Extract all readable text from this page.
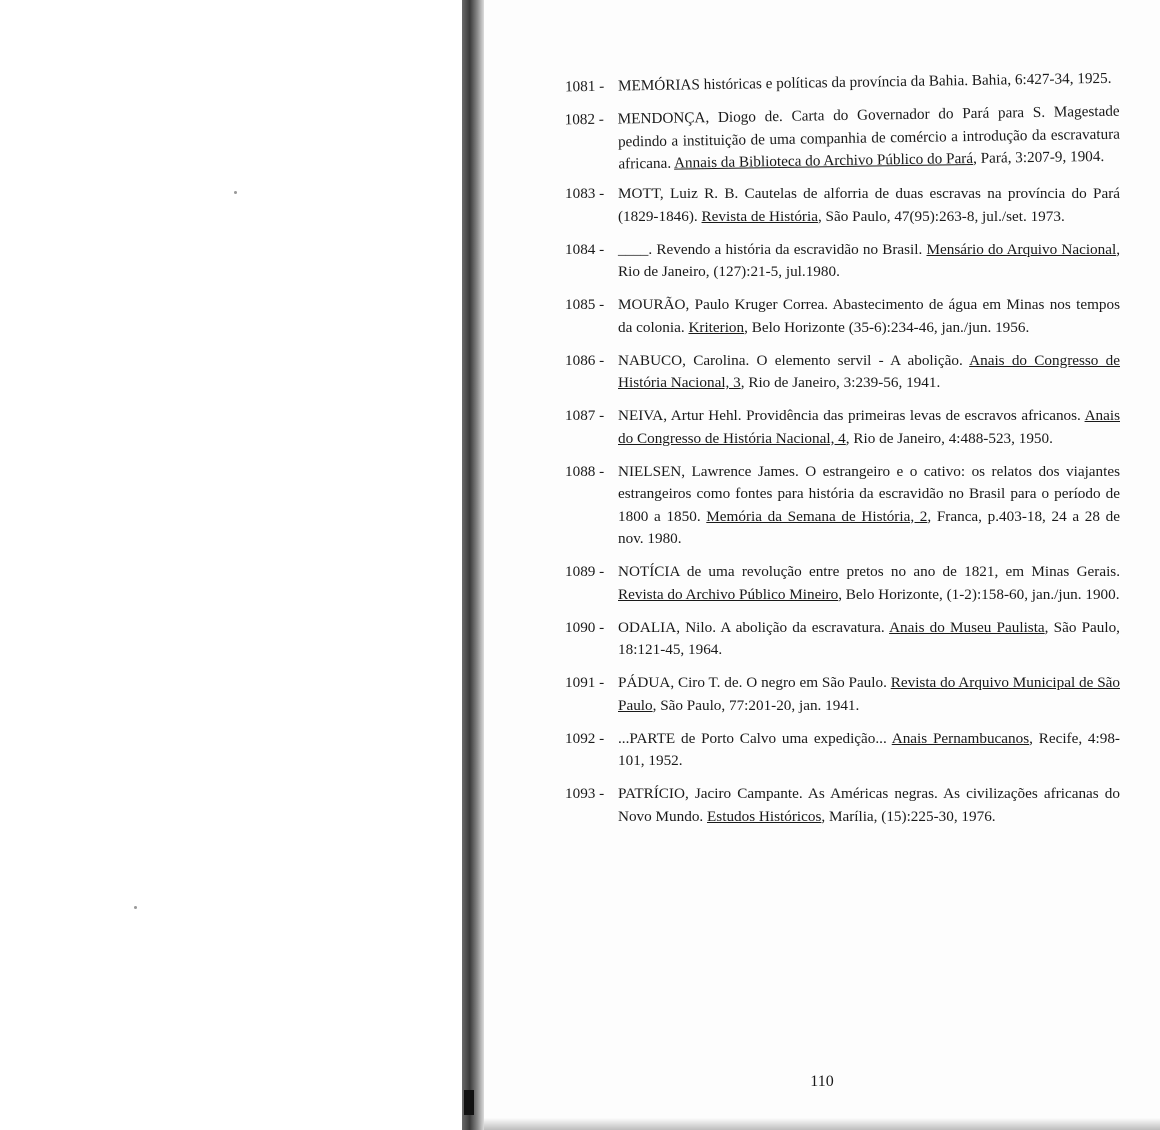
1081 - MEMÓRIAS históricas e políticas da província da Bahia. Bahia, 6:427-34, 1925.
1082 - MENDONÇA, Diogo de. Carta do Governador do Pará para S. Magestade pedindo a instituição de uma companhia de comércio a introdução da escravatura africana. Annais da Biblioteca do Archivo Público do Pará, Pará, 3:207-9, 1904.
1083 - MOTT, Luiz R. B. Cautelas de alforria de duas escravas na província do Pará (1829-1846). Revista de História, São Paulo, 47(95):263-8, jul./set. 1973.
1084 - ____. Revendo a história da escravidão no Brasil. Mensário do Arquivo Nacional, Rio de Janeiro, (127):21-5, jul.1980.
1085 - MOURÃO, Paulo Kruger Correa. Abastecimento de água em Minas nos tempos da colonia. Kriterion, Belo Horizonte (35-6):234-46, jan./jun. 1956.
1086 - NABUCO, Carolina. O elemento servil - A abolição. Anais do Congresso de História Nacional, 3, Rio de Janeiro, 3:239-56, 1941.
1087 - NEIVA, Artur Hehl. Providência das primeiras levas de escravos africanos. Anais do Congresso de História Nacional, 4, Rio de Janeiro, 4:488-523, 1950.
1088 - NIELSEN, Lawrence James. O estrangeiro e o cativo: os relatos dos viajantes estrangeiros como fontes para história da escravidão no Brasil para o período de 1800 a 1850. Memória da Semana de História, 2, Franca, p.403-18, 24 a 28 de nov. 1980.
1089 - NOTÍCIA de uma revolução entre pretos no ano de 1821, em Minas Gerais. Revista do Archivo Público Mineiro, Belo Horizonte, (1-2):158-60, jan./jun. 1900.
1090 - ODALIA, Nilo. A abolição da escravatura. Anais do Museu Paulista, São Paulo, 18:121-45, 1964.
1091 - PÁDUA, Ciro T. de. O negro em São Paulo. Revista do Arquivo Municipal de São Paulo, São Paulo, 77:201-20, jan. 1941.
1092 - ...PARTE de Porto Calvo uma expedição... Anais Pernambucanos, Recife, 4:98-101, 1952.
1093 - PATRÍCIO, Jaciro Campante. As Américas negras. As civilizações africanas do Novo Mundo. Estudos Históricos, Marília, (15):225-30, 1976.
110
